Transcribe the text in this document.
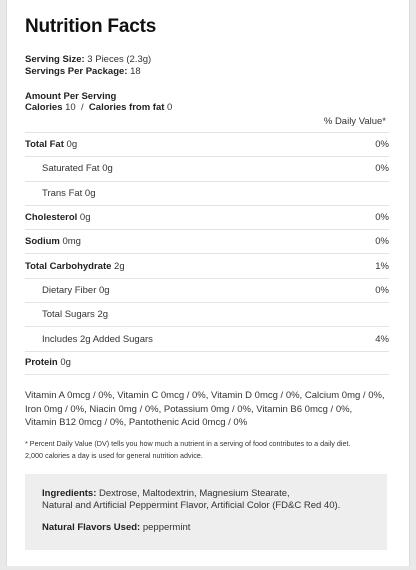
Nutrition Facts
Serving Size: 3 Pieces (2.3g)
Servings Per Package: 18
Amount Per Serving
Calories 10  /  Calories from fat 0
% Daily Value*
Total Fat 0g	0%
Saturated Fat 0g	0%
Trans Fat 0g
Cholesterol 0g	0%
Sodium 0mg	0%
Total Carbohydrate 2g	1%
Dietary Fiber 0g	0%
Total Sugars 2g
Includes 2g Added Sugars	4%
Protein 0g
Vitamin A 0mcg / 0%, Vitamin C 0mcg / 0%, Vitamin D 0mcg / 0%, Calcium 0mg / 0%,
Iron 0mg / 0%, Niacin 0mg / 0%, Potassium 0mg / 0%, Vitamin B6 0mcg / 0%,
Vitamin B12 0mcg / 0%, Pantothenic Acid 0mcg / 0%
* Percent Daily Value (DV) tells you how much a nutrient in a serving of food contributes to a daily diet.
2,000 calories a day is used for general nutrition advice.
Ingredients: Dextrose, Maltodextrin, Magnesium Stearate,
Natural and Artificial Peppermint Flavor, Artificial Color (FD&C Red 40).
Natural Flavors Used: peppermint
